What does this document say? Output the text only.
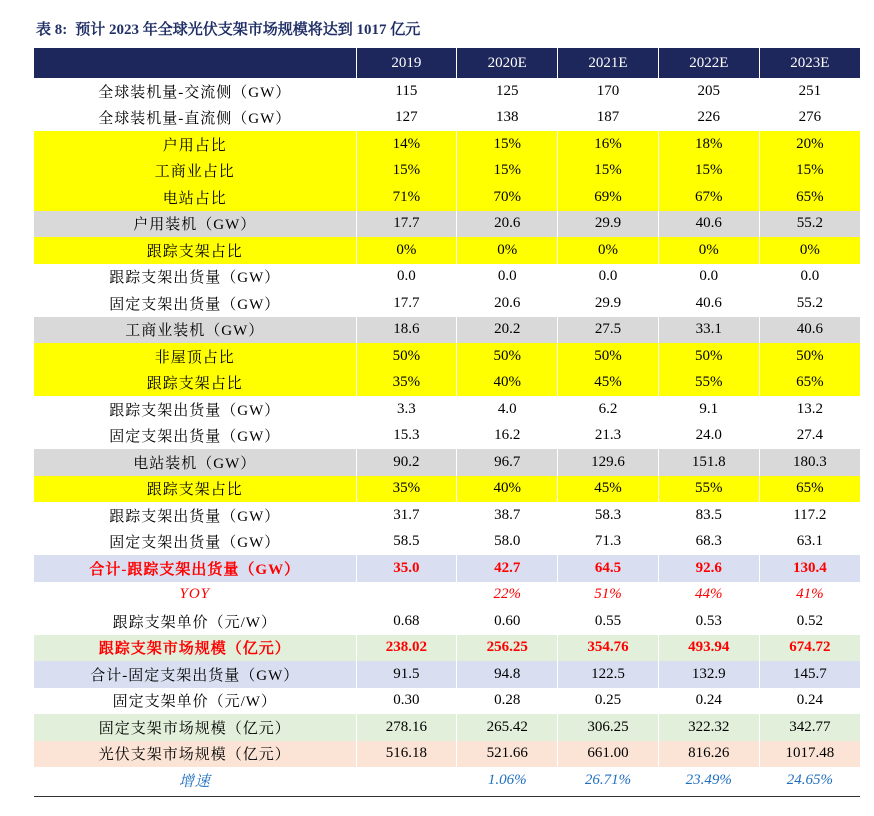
表 8: 预计 2023 年全球光伏支架市场规模将达到 1017 亿元
	2019	2020E	2021E	2022E	2023E
全球装机量-交流侧（GW）	115	125	170	205	251
全球装机量-直流侧（GW）	127	138	187	226	276
户用占比	14%	15%	16%	18%	20%
工商业占比	15%	15%	15%	15%	15%
电站占比	71%	70%	69%	67%	65%
户用装机（GW）	17.7	20.6	29.9	40.6	55.2
跟踪支架占比	0%	0%	0%	0%	0%
跟踪支架出货量（GW）	0.0	0.0	0.0	0.0	0.0
固定支架出货量（GW）	17.7	20.6	29.9	40.6	55.2
工商业装机（GW）	18.6	20.2	27.5	33.1	40.6
非屋顶占比	50%	50%	50%	50%	50%
跟踪支架占比	35%	40%	45%	55%	65%
跟踪支架出货量（GW）	3.3	4.0	6.2	9.1	13.2
固定支架出货量（GW）	15.3	16.2	21.3	24.0	27.4
电站装机（GW）	90.2	96.7	129.6	151.8	180.3
跟踪支架占比	35%	40%	45%	55%	65%
跟踪支架出货量（GW）	31.7	38.7	58.3	83.5	117.2
固定支架出货量（GW）	58.5	58.0	71.3	68.3	63.1
合计-跟踪支架出货量（GW）	35.0	42.7	64.5	92.6	130.4
YOY		22%	51%	44%	41%
跟踪支架单价（元/W）	0.68	0.60	0.55	0.53	0.52
跟踪支架市场规模（亿元）	238.02	256.25	354.76	493.94	674.72
合计-固定支架出货量（GW）	91.5	94.8	122.5	132.9	145.7
固定支架单价（元/W）	0.30	0.28	0.25	0.24	0.24
固定支架市场规模（亿元）	278.16	265.42	306.25	322.32	342.77
光伏支架市场规模（亿元）	516.18	521.66	661.00	816.26	1017.48
增速		1.06%	26.71%	23.49%	24.65%
